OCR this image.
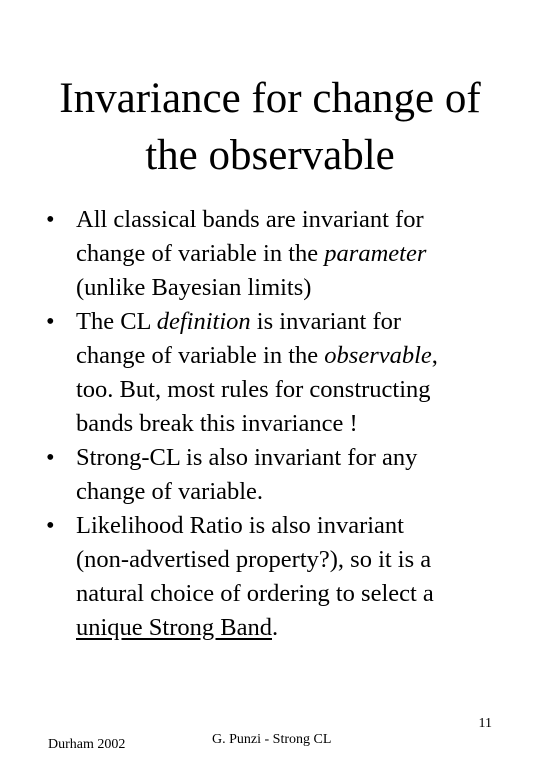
Invariance for change of
the observable
• All classical bands are invariant for
change of variable in the parameter
(unlike Bayesian limits)
• The CL definition is invariant for
change of variable in the observable,
too. But, most rules for constructing
bands break this invariance !
• Strong-CL is also invariant for any
change of variable.
• Likelihood Ratio is also invariant
(non-advertised property?), so it is a
natural choice of ordering to select a
unique Strong Band.
Durham 2002	G. Punzi - Strong CL
11
